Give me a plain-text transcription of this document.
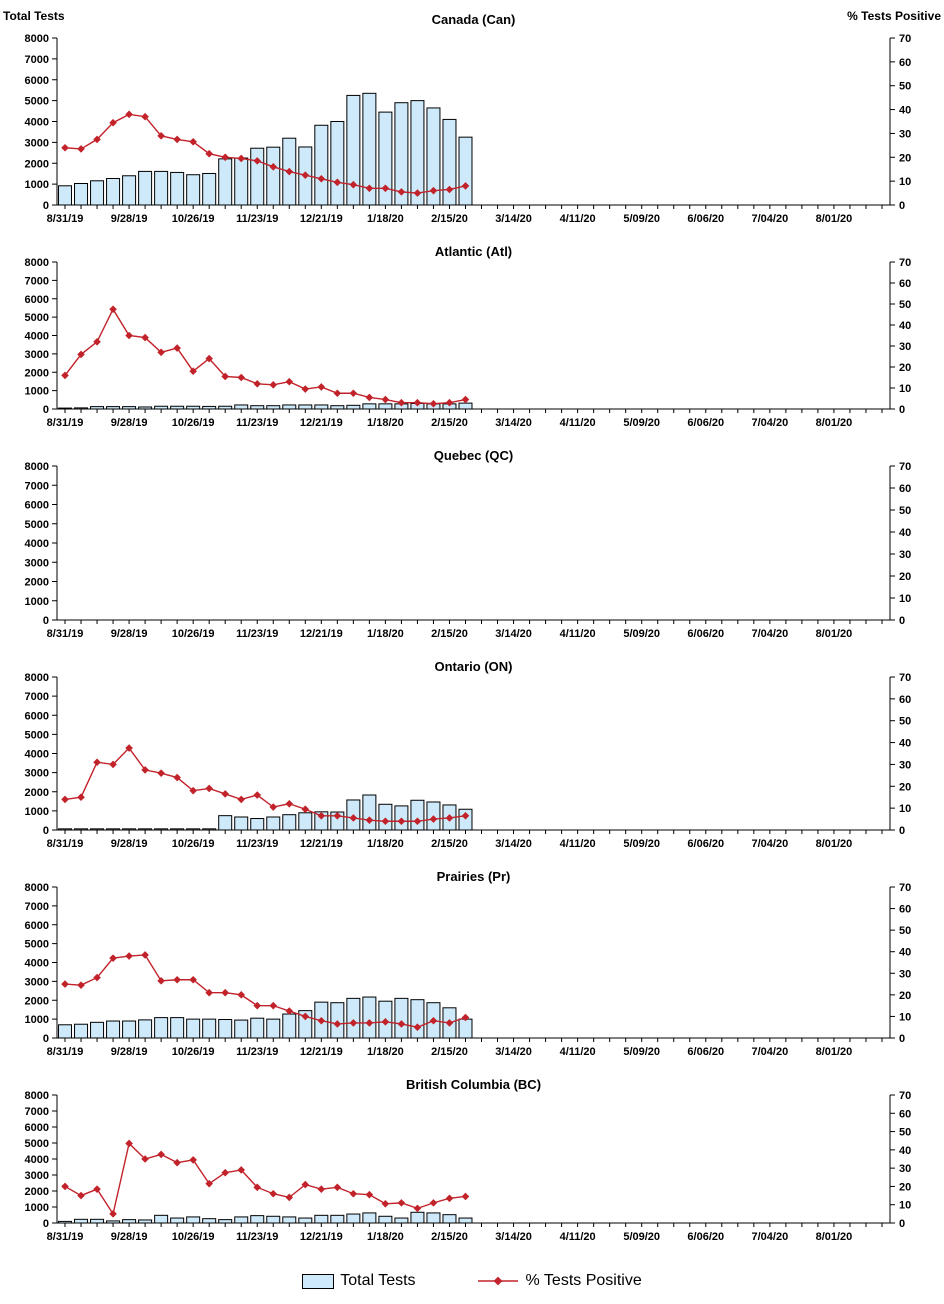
Canada (Can)
Total Tests	% Tests Positive
0
1000
2000
3000
4000
5000
6000
7000
8000
0
10
20
30
40
50
60
70
8/31/19 9/28/19 10/26/19 11/23/19 12/21/19 1/18/20 2/15/20 3/14/20	4/11/20	5/09/20 6/06/20 7/04/20 8/01/20
Atlantic (Atl)
0
1000
2000
3000
4000
5000
6000
7000
8000
0
10
20
30
40
50
60
70
8/31/19 9/28/19 10/26/19 11/23/19 12/21/19 1/18/20 2/15/20 3/14/20	4/11/20	5/09/20 6/06/20 7/04/20 8/01/20
Quebec (QC)
0
1000
2000
3000
4000
5000
6000
7000
8000
0
10
20
30
40
50
60
70
8/31/19 9/28/19 10/26/19 11/23/19 12/21/19 1/18/20 2/15/20 3/14/20	4/11/20	5/09/20 6/06/20 7/04/20 8/01/20
Ontario (ON)
0
1000
2000
3000
4000
5000
6000
7000
8000
0
10
20
30
40
50
60
70
8/31/19 9/28/19 10/26/19 11/23/19 12/21/19 1/18/20 2/15/20 3/14/20	4/11/20	5/09/20 6/06/20 7/04/20 8/01/20
Prairies (Pr)
0
1000
2000
3000
4000
5000
6000
7000
8000
0
10
20
30
40
50
60
70
8/31/19 9/28/19 10/26/19 11/23/19 12/21/19 1/18/20 2/15/20 3/14/20	4/11/20	5/09/20 6/06/20 7/04/20 8/01/20
British Columbia (BC)
0
1000
2000
3000
4000
5000
6000
7000
8000
0
10
20
30
40
50
60
70
8/31/19 9/28/19 10/26/19 11/23/19 12/21/19 1/18/20 2/15/20 3/14/20	4/11/20	5/09/20 6/06/20 7/04/20 8/01/20
Total Tests	% Tests Positive
